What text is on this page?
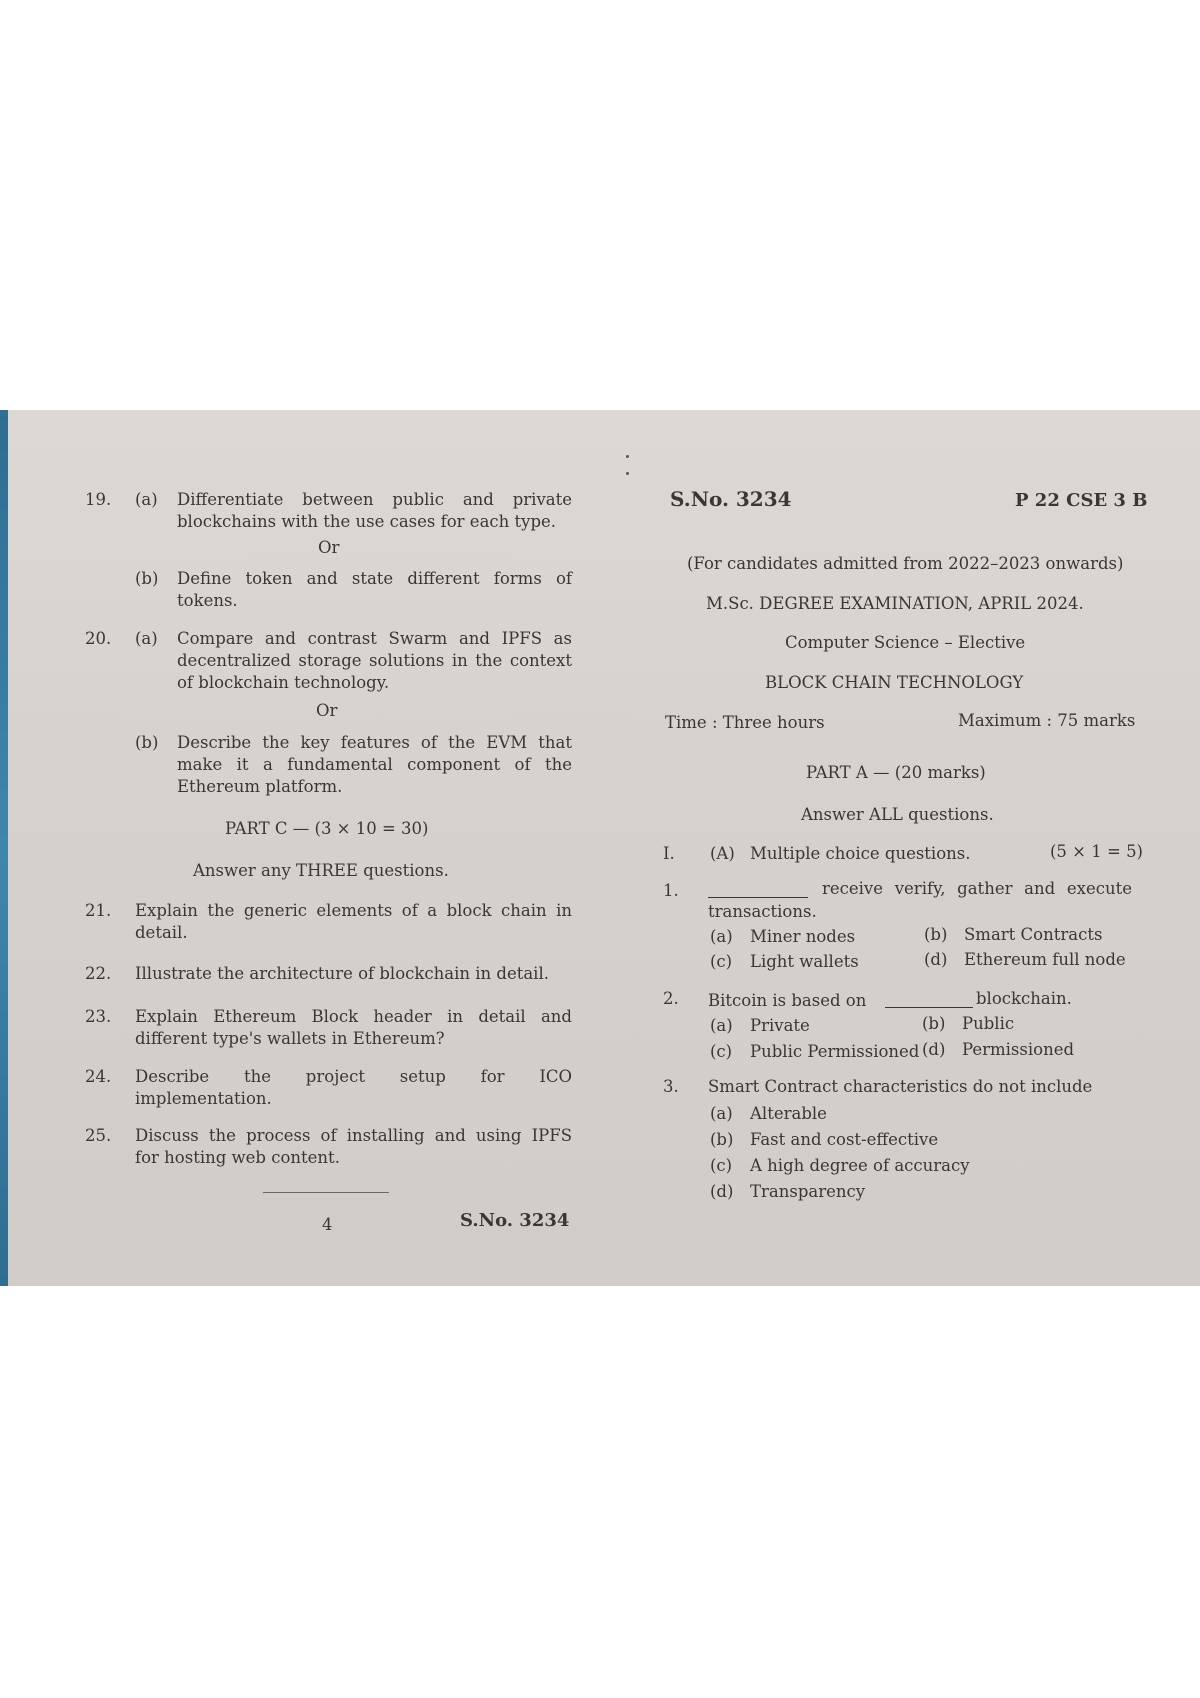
19. (a) Differentiate between public and private
blockchains with the use cases for each type.
Or
(b) Define token and state different forms of
tokens.
20. (a) Compare and contrast Swarm and IPFS as
decentralized storage solutions in the context
of blockchain technology.
Or
(b) Describe the key features of the EVM that
make it a fundamental component of the
Ethereum platform.
PART C — (3 × 10 = 30)
Answer any THREE questions.
21. Explain the generic elements of a block chain in
detail.
22. Illustrate the architecture of blockchain in detail.
23. Explain Ethereum Block header in detail and
different type's wallets in Ethereum?
24. Describe the project setup for ICO
implementation.
25. Discuss the process of installing and using IPFS
for hosting web content.
4	S.No. 3234
S.No. 3234	P 22 CSE 3 B
(For candidates admitted from 2022–2023 onwards)
M.Sc. DEGREE EXAMINATION, APRIL 2024.
Computer Science – Elective
BLOCK CHAIN TECHNOLOGY
Time : Three hours	Maximum : 75 marks
PART A — (20 marks)
Answer ALL questions.
I. (A) Multiple choice questions.	(5 × 1 = 5)
1.	receive verify, gather and execute
transactions.
(a) Miner nodes	(b) Smart Contracts
(c) Light wallets	(d) Ethereum full node
2. Bitcoin is based on	blockchain.
(a) Private	(b) Public
(c) Public Permissioned (d) Permissioned
3. Smart Contract characteristics do not include
(a) Alterable
(b) Fast and cost-effective
(c) A high degree of accuracy
(d) Transparency
